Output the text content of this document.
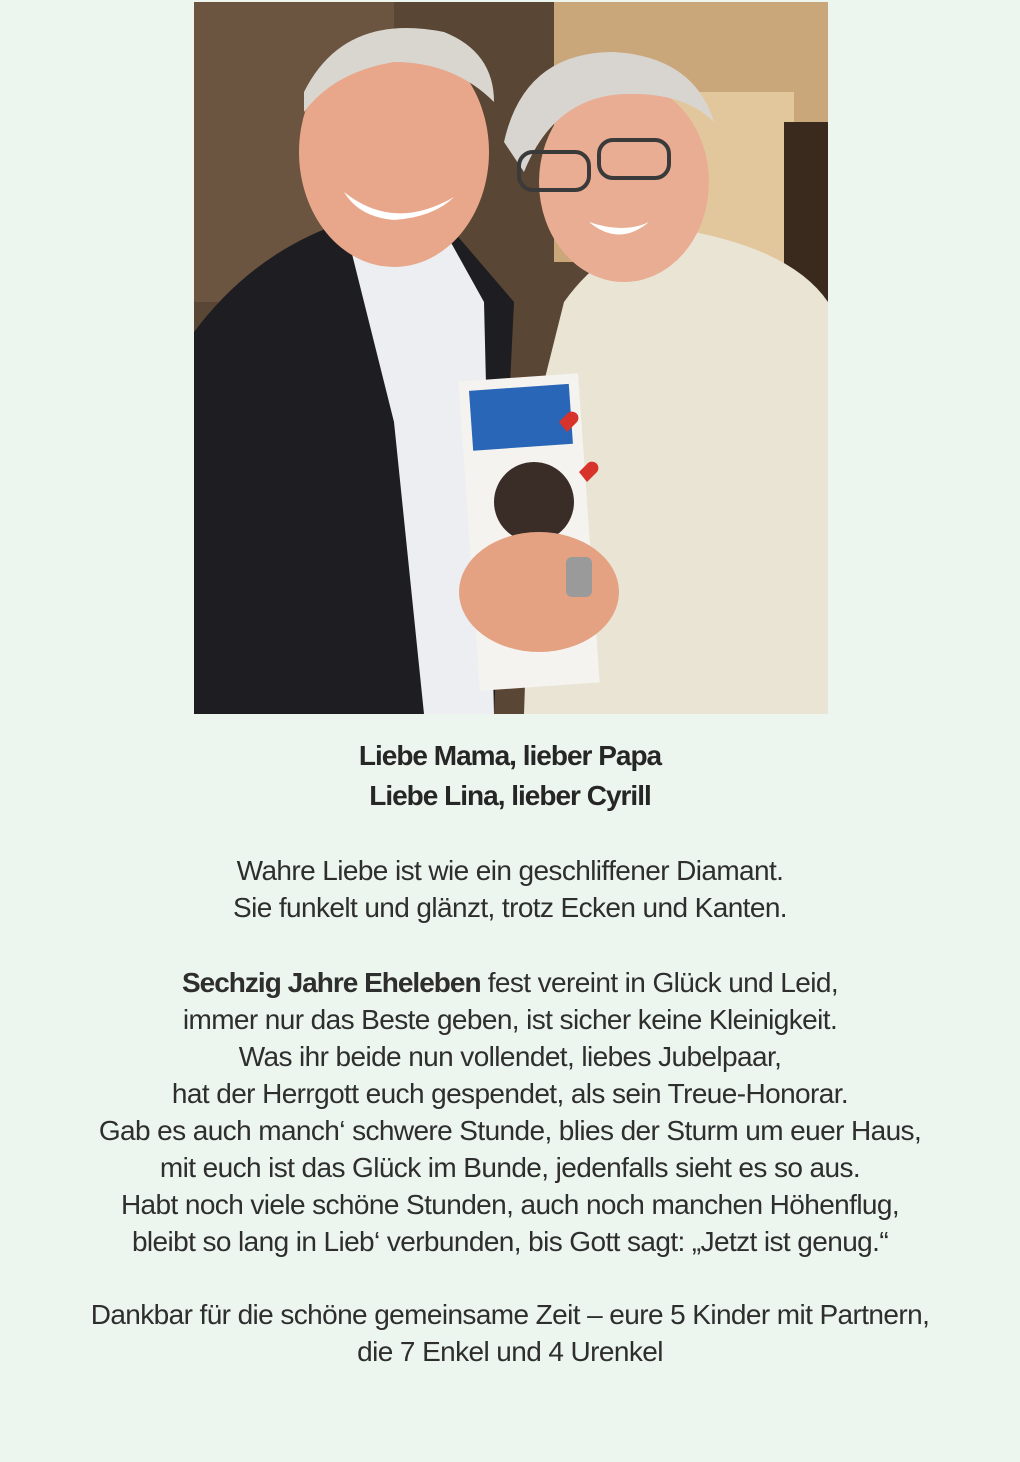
Liebe Mama, lieber Papa
Liebe Lina, lieber Cyrill
Wahre Liebe ist wie ein geschliffener Diamant.
Sie funkelt und glänzt, trotz Ecken und Kanten.
Sechzig Jahre Eheleben fest vereint in Glück und Leid,
immer nur das Beste geben, ist sicher keine Kleinigkeit.
Was ihr beide nun vollendet, liebes Jubelpaar,
hat der Herrgott euch gespendet, als sein Treue-Honorar.
Gab es auch manch‘ schwere Stunde, blies der Sturm um euer Haus,
mit euch ist das Glück im Bunde, jedenfalls sieht es so aus.
Habt noch viele schöne Stunden, auch noch manchen Höhenflug,
bleibt so lang in Lieb‘ verbunden, bis Gott sagt: „Jetzt ist genug.“
Dankbar für die schöne gemeinsame Zeit – eure 5 Kinder mit Partnern,
die 7 Enkel und 4 Urenkel
